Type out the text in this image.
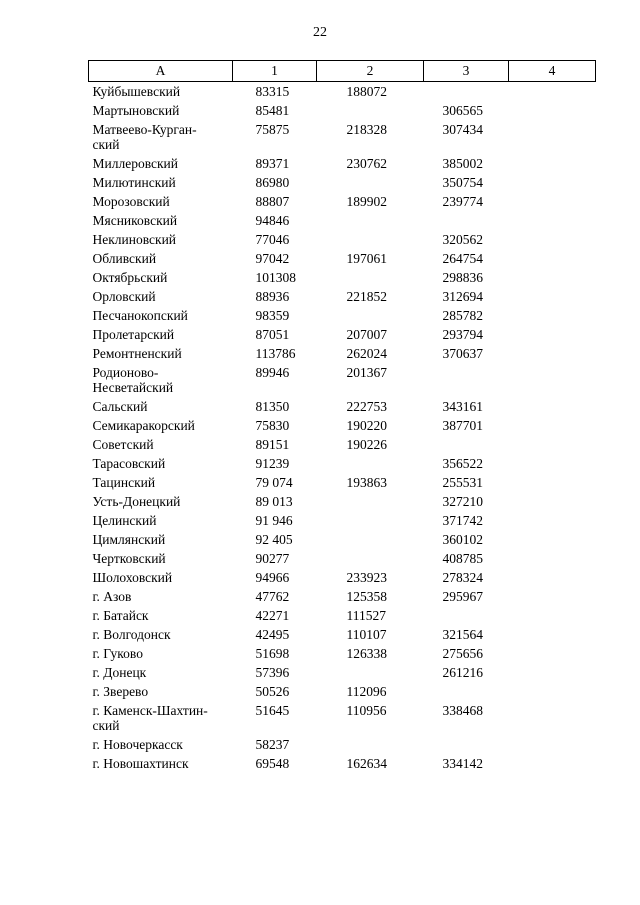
22
А	1	2	3	4
Куйбышевский	83315	188072		
Мартыновский	85481		306565	
Матвеево-Курган-
ский	75875	218328	307434	
Миллеровский	89371	230762	385002	
Милютинский	86980		350754	
Морозовский	88807	189902	239774	
Мясниковский	94846			
Неклиновский	77046		320562	
Обливский	97042	197061	264754	
Октябрьский	101308		298836	
Орловский	88936	221852	312694	
Песчанокопский	98359		285782	
Пролетарский	87051	207007	293794	
Ремонтненский	113786	262024	370637	
Родионово-
Несветайский	89946	201367		
Сальский	81350	222753	343161	
Семикаракорский	75830	190220	387701	
Советский	89151	190226		
Тарасовский	91239		356522	
Тацинский	79 074	193863	255531	
Усть-Донецкий	89 013		327210	
Целинский	91 946		371742	
Цимлянский	92 405		360102	
Чертковский	90277		408785	
Шолоховский	94966	233923	278324	
г. Азов	47762	125358	295967	
г. Батайск	42271	111527		
г. Волгодонск	42495	110107	321564	
г. Гуково	51698	126338	275656	
г. Донецк	57396		261216	
г. Зверево	50526	112096		
г. Каменск-Шахтин-
ский	51645	110956	338468	
г. Новочеркасск	58237			
г. Новошахтинск	69548	162634	334142	
